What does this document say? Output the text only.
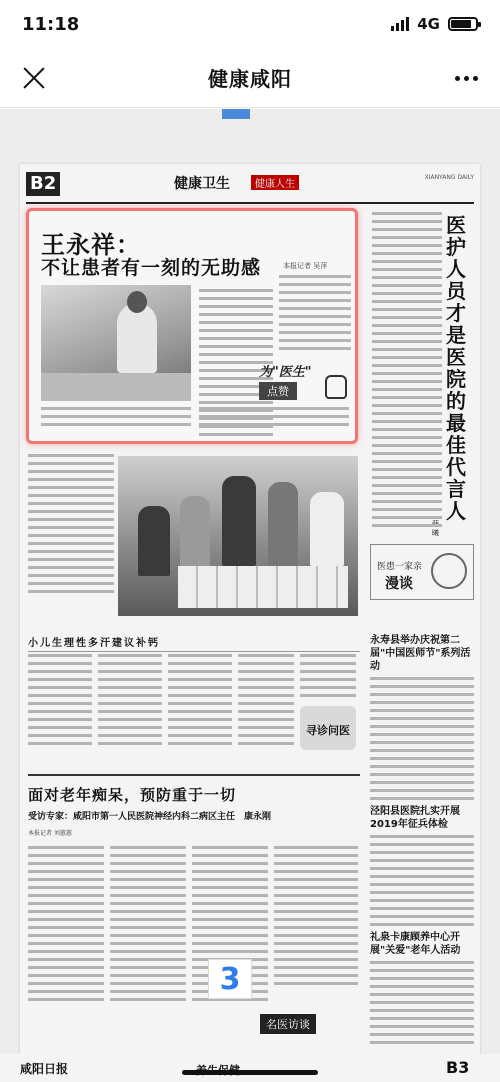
11:18	4G
健康咸阳
B2	健康卫生	健康人生
XIANYANG DAILY
王永祥：
不让患者有一刻的无助感	本报记者 吴萍
为"医生"
点赞
医护人员才是医院的最佳代言人
曦
医患一家亲
漫谈
小儿生理性多汗建议补钙
寻诊问医
永寿县举办庆祝第二届"中国医师节"系列活动
泾阳县医院扎实开展2019年征兵体检
礼泉卡康顾养中心开展"关爱"老年人活动
面对老年痴呆，预防重于一切
受访专家：咸阳市第一人民医院神经内科二病区主任　康永刚
本报记者 刘蕙蕙
名医访谈
3
咸阳日报	B3
